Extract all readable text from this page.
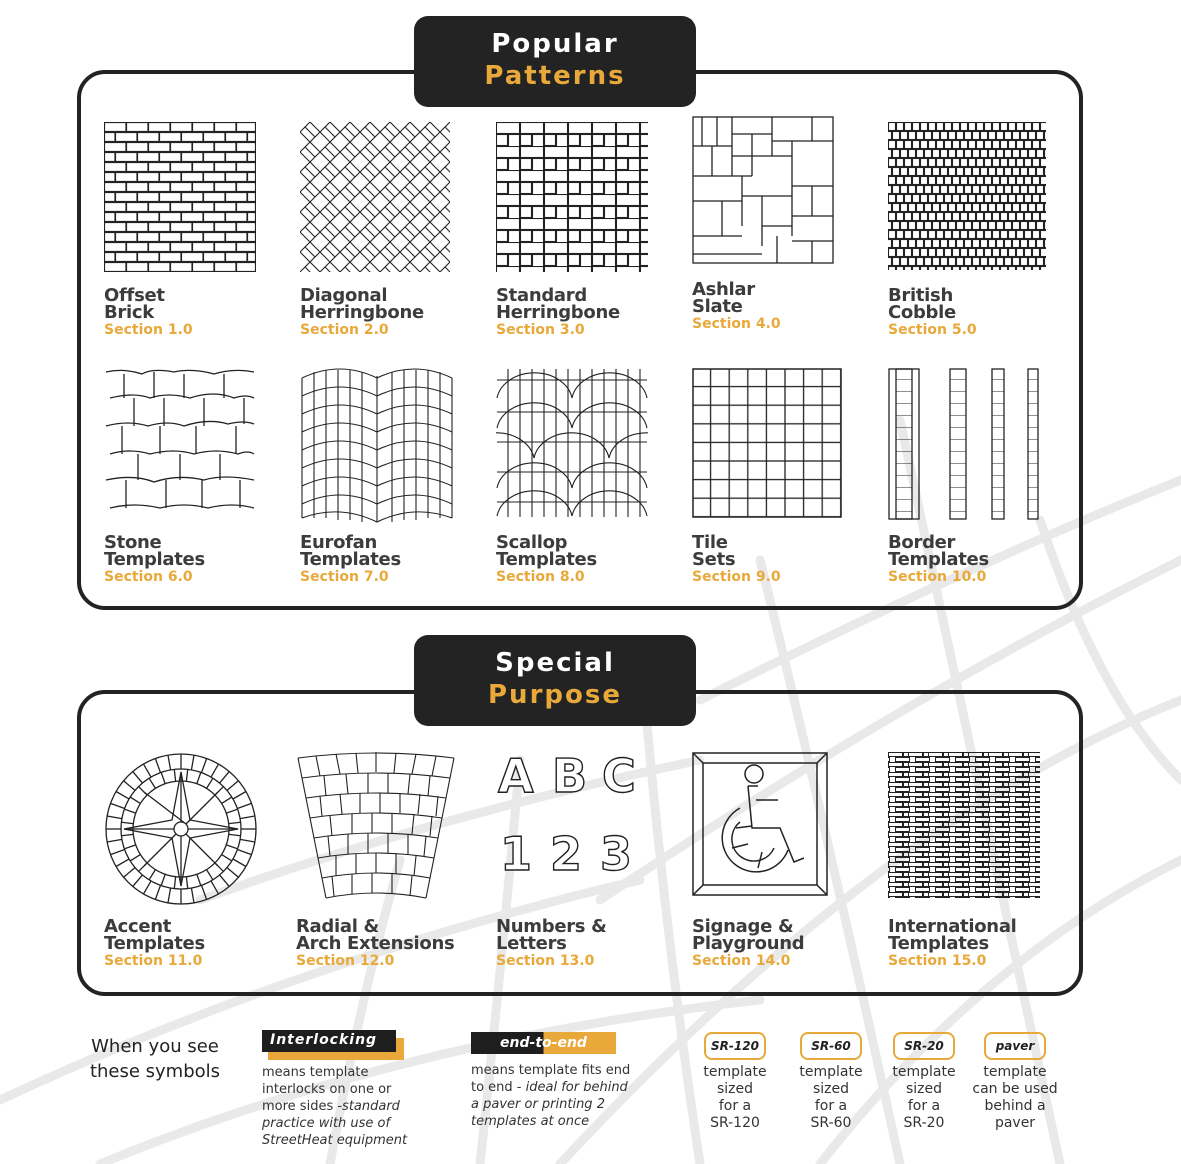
Popular
Patterns
Offset
Brick
Section 1.0
Diagonal
Herringbone
Section 2.0
Standard
Herringbone
Section 3.0
Ashlar
Slate
Section 4.0
British
Cobble
Section 5.0
Stone
Templates
Section 6.0
Eurofan
Templates
Section 7.0
Scallop
Templates
Section 8.0
Tile
Sets
Section 9.0
Border
Templates
Section 10.0
Special
Purpose
Accent
Templates
Section 11.0
Radial &
Arch Extensions
Section 12.0
A B C
1 2 3
Numbers &
Letters
Section 13.0
Signage &
Playground
Section 14.0
International
Templates
Section 15.0
When you see
these symbols
Interlocking
means template interlocks on one or more sides -standard practice with use of StreetHeat equipment
end-to-end
means template fits end to end - ideal for behind a paver or printing 2 templates at once
SR-120
template
sized
for a
SR-120
SR-60
template
sized
for a
SR-60
SR-20
template
sized
for a
SR-20
paver
template
can be used
behind a
paver
